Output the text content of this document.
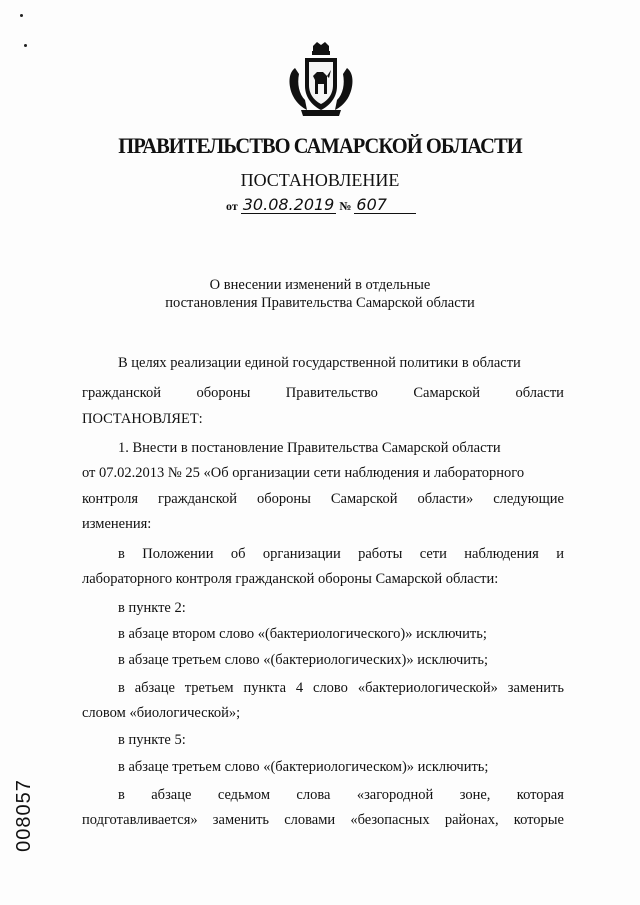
ПРАВИТЕЛЬСТВО САМАРСКОЙ ОБЛАСТИ
ПОСТАНОВЛЕНИЕ
от 30.08.2019 № 607
О внесении изменений в отдельные
постановления Правительства Самарской области
В целях реализации единой государственной политики в области
гражданской обороны Правительство Самарской области
ПОСТАНОВЛЯЕТ:
1. Внести в постановление Правительства Самарской области
от 07.02.2013 № 25 «Об организации сети наблюдения и лабораторного
контроля гражданской обороны Самарской области» следующие
изменения:
в Положении об организации работы сети наблюдения и
лабораторного контроля гражданской обороны Самарской области:
в пункте 2:
в абзаце втором слово «(бактериологического)» исключить;
в абзаце третьем слово «(бактериологических)» исключить;
в абзаце третьем пункта 4 слово «бактериологической» заменить
словом «биологической»;
в пункте 5:
в абзаце третьем слово «(бактериологическом)» исключить;
в абзаце седьмом слова «загородной зоне, которая
подготавливается» заменить словами «безопасных районах, которые
008057
